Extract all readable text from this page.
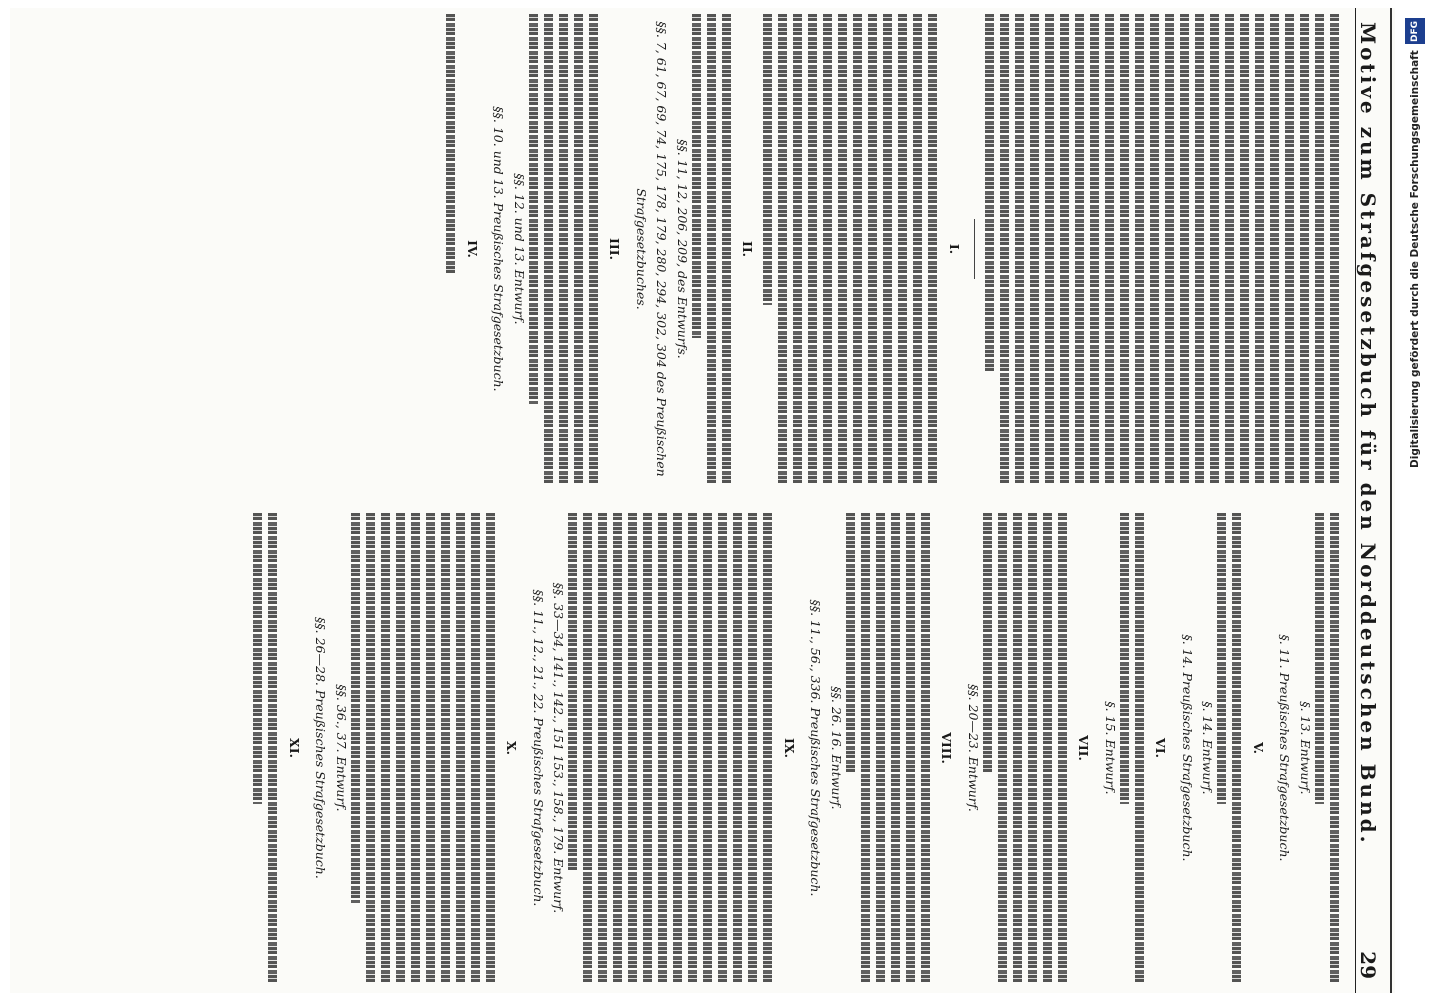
Motive zum Strafgesetzbuch für den Norddeutschen Bund.
29
I.
II.
§§. 11, 12, 206, 209, des Entwurfs.
§§. 7, 61, 67, 69, 74, 175, 178, 179, 280, 294, 302, 304 des Preußischen Strafgesetzbuches.
III.
§§. 12. und 13. Entwurf.
§§. 10. und 13. Preußisches Strafgesetzbuch.
IV.
§. 13. Entwurf.
§. 11. Preußisches Strafgesetzbuch.
V.
§. 14. Entwurf.
§. 14. Preußisches Strafgesetzbuch.
VI.
§. 15. Entwurf.
VII.
§§. 20—23. Entwurf.
VIII.
§§. 26. 16. Entwurf.
§§. 11., 56., 336. Preußisches Strafgesetzbuch.
IX.
§§. 33—34, 141., 142., 151 153., 158., 179. Entwurf.
§§. 11., 12., 21., 22. Preußisches Strafgesetzbuch.
X.
§§. 36., 37. Entwurf.
§§. 26—28. Preußisches Strafgesetzbuch.
XI.
Digitalisierung gefördert durch die Deutsche Forschungsgemeinschaft
DFG
